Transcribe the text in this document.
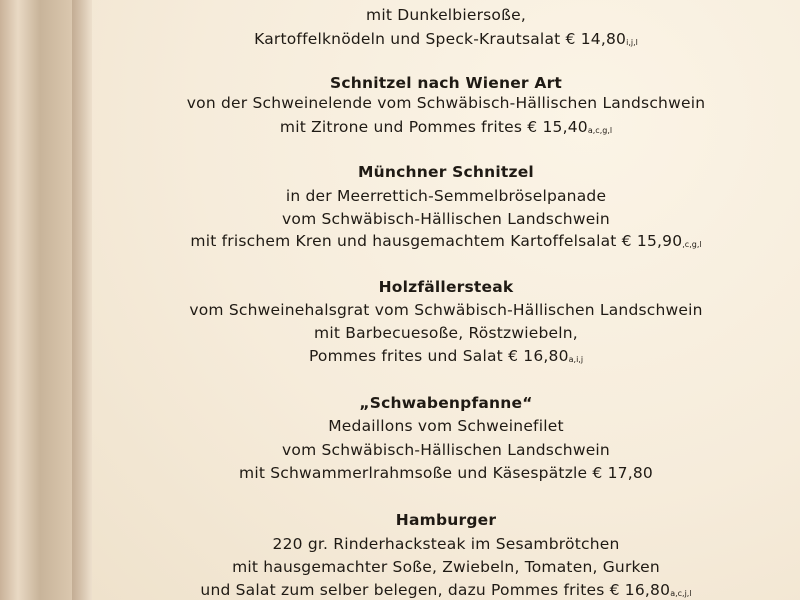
mit Dunkelbiersoße,
Kartoffelknödeln und Speck-Krautsalat € 14,80i,j,l
Schnitzel nach Wiener Art
von der Schweinelende vom Schwäbisch-Hällischen Landschwein
mit Zitrone und Pommes frites € 15,40a,c,g,l
Münchner Schnitzel
in der Meerrettich-Semmelbröselpanade
vom Schwäbisch-Hällischen Landschwein
mit frischem Kren und hausgemachtem Kartoffelsalat € 15,90,c,g,l
Holzfällersteak
vom Schweinehalsgrat vom Schwäbisch-Hällischen Landschwein
mit Barbecuesoße, Röstzwiebeln,
Pommes frites und Salat € 16,80a,i,j
„Schwabenpfanne“
Medaillons vom Schweinefilet
vom Schwäbisch-Hällischen Landschwein
mit Schwammerlrahmsoße und Käsespätzle € 17,80
Hamburger
220 gr. Rinderhacksteak im Sesambrötchen
mit hausgemachter Soße, Zwiebeln, Tomaten, Gurken
und Salat zum selber belegen, dazu Pommes frites € 16,80a,c,j,l
